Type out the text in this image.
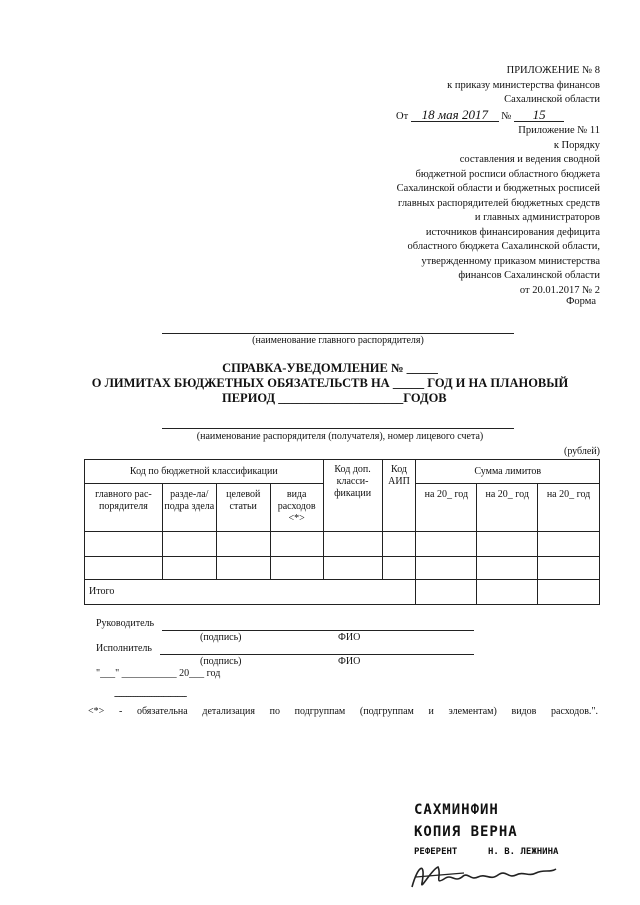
ПРИЛОЖЕНИЕ № 8
к приказу министерства финансов
Сахалинской области
От 18 мая 2017 № 15
Приложение № 11
к Порядку
составления и ведения сводной
бюджетной росписи областного бюджета
Сахалинской области и бюджетных росписей
главных распорядителей бюджетных средств
и главных администраторов
источников финансирования дефицита
областного бюджета Сахалинской области,
утвержденному приказом министерства
финансов Сахалинской области
от 20.01.2017 № 2
Форма
(наименование главного распорядителя)
СПРАВКА-УВЕДОМЛЕНИЕ № _____
О ЛИМИТАХ БЮДЖЕТНЫХ ОБЯЗАТЕЛЬСТВ НА _____ ГОД И НА ПЛАНОВЫЙ
ПЕРИОД ____________________ГОДОВ
(наименование распорядителя (получателя), номер лицевого счета)
(рублей)
Код по бюджетной классификации				Код доп. класси-фикации	Код АИП	Сумма лимитов		
главного рас-порядителя	разде-ла/подра здела	целевой статьи	вида расходов <*>			на 20_ год	на 20_ год	на 20_ год

Итого								
Руководитель
(подпись)	ФИО
Исполнитель
(подпись)	ФИО
"___" ___________ 20___ год
-------------------------------
<*> - обязательна детализация по подгруппам (подгруппам и элементам) видов расходов.".
САХМИНФИН
КОПИЯ ВЕРНА
РЕФЕРЕНТ	Н. В. ЛЕЖНИНА
